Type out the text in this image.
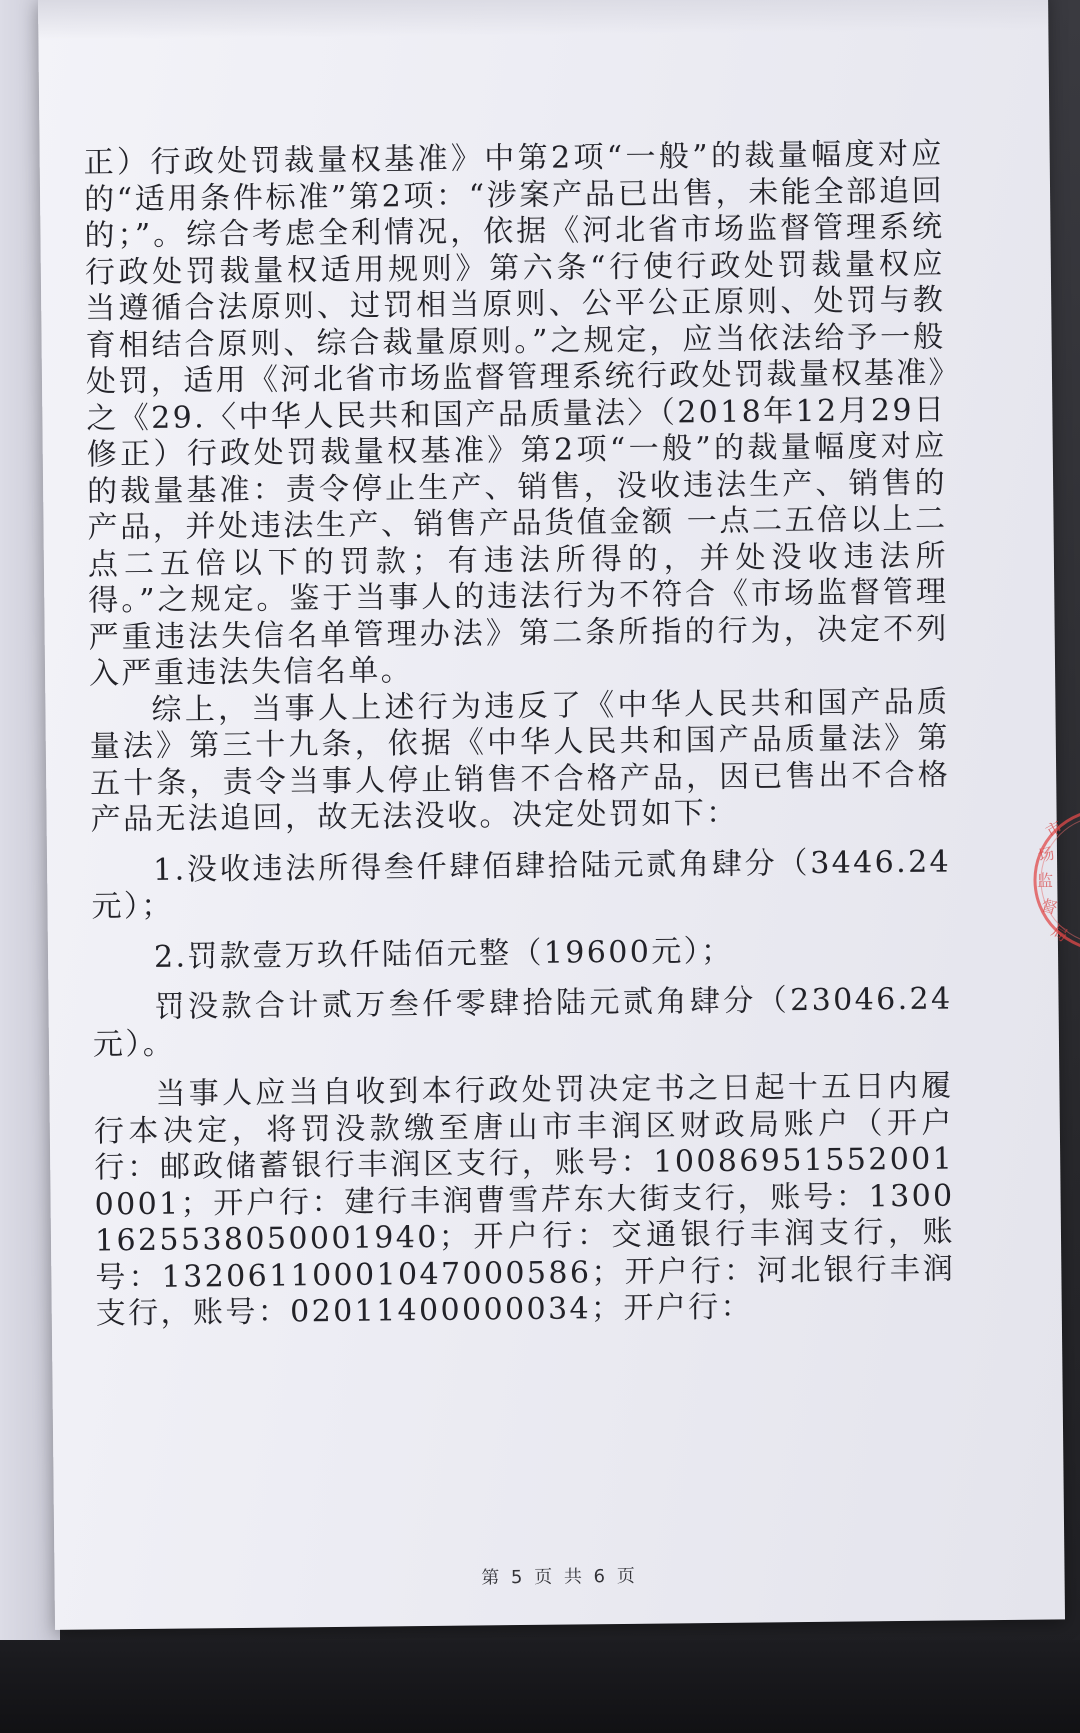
正）行政处罚裁量权基准》中第2项“一般”的裁量幅度对应的“适用条件标准”第2项：“涉案产品已出售，未能全部追回的；”。综合考虑全利情况，依据《河北省市场监督管理系统行政处罚裁量权适用规则》第六条“行使行政处罚裁量权应当遵循合法原则、过罚相当原则、公平公正原则、处罚与教育相结合原则、综合裁量原则。”之规定，应当依法给予一般处罚，适用《河北省市场监督管理系统行政处罚裁量权基准》之《29.〈中华人民共和国产品质量法〉（2018年12月29日修正）行政处罚裁量权基准》第2项“一般”的裁量幅度对应的裁量基准：责令停止生产、销售，没收违法生产、销售的产品，并处违法生产、销售产品货值金额 一点二五倍以上二点二五倍以下的罚款；有违法所得的，并处没收违法所得。”之规定。鉴于当事人的违法行为不符合《市场监督管理严重违法失信名单管理办法》第二条所指的行为，决定不列入严重违法失信名单。

综上，当事人上述行为违反了《中华人民共和国产品质量法》第三十九条，依据《中华人民共和国产品质量法》第五十条，责令当事人停止销售不合格产品，因已售出不合格产品无法追回，故无法没收。决定处罚如下：

1.没收违法所得叁仟肆佰肆拾陆元贰角肆分（3446.24元）；

2.罚款壹万玖仟陆佰元整（19600元）；

罚没款合计贰万叁仟零肆拾陆元贰角肆分（23046.24元）。

当事人应当自收到本行政处罚决定书之日起十五日内履行本决定，将罚没款缴至唐山市丰润区财政局账户（开户行：邮政储蓄银行丰润区支行，账号：100869515520010001；开户行：建行丰润曹雪芹东大街支行，账号：13001625538050001940；开户行：交通银行丰润支行，账号：13206110001047000586；开户行：河北银行丰润支行，账号：02011400000034；开户行：

第 5 页 共 6 页
市
场
监
督
局
